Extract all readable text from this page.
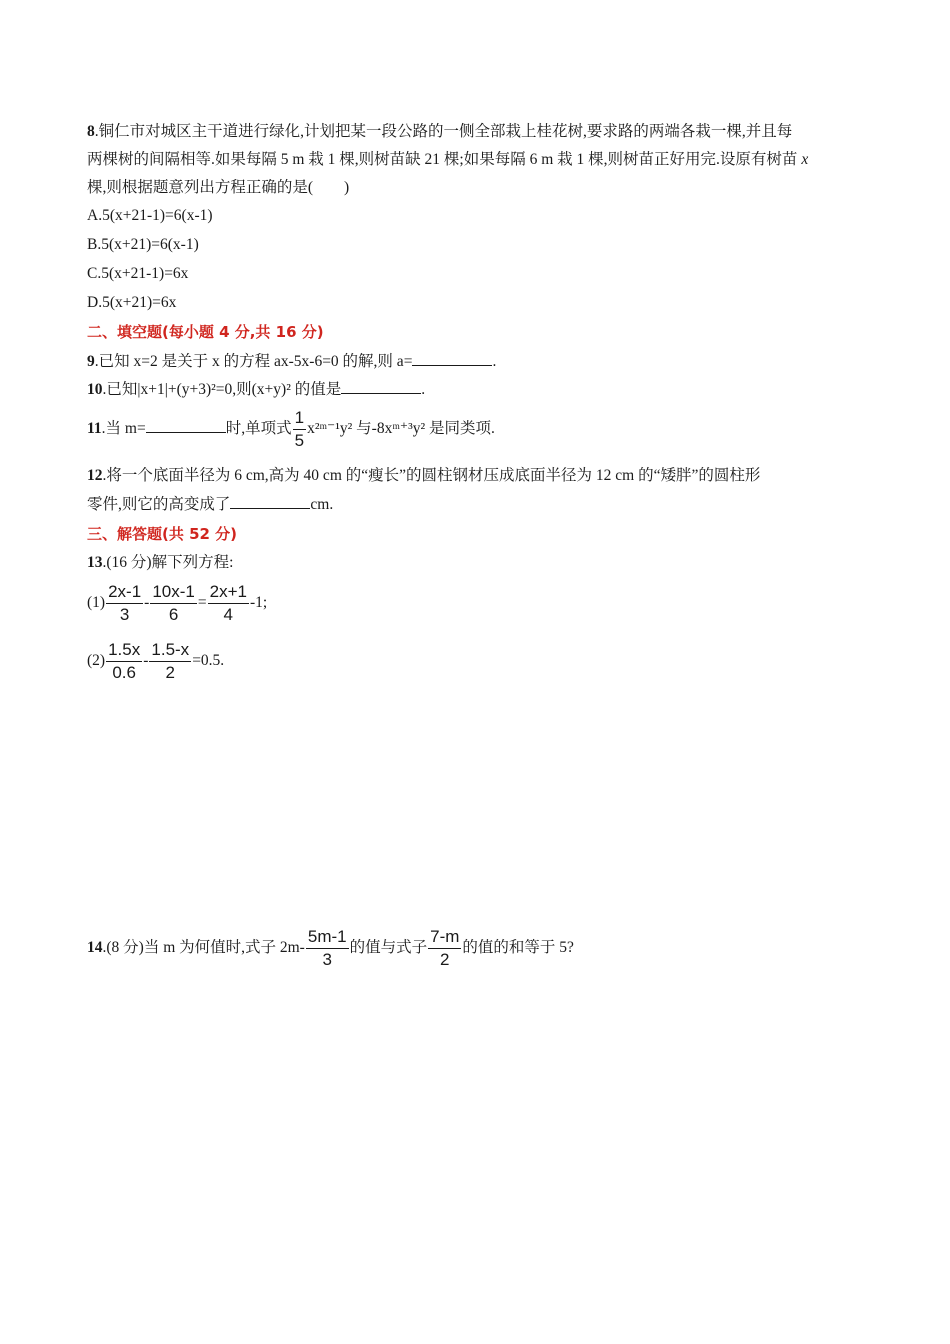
8.铜仁市对城区主干道进行绿化,计划把某一段公路的一侧全部栽上桂花树,要求路的两端各栽一棵,并且每
两棵树的间隔相等.如果每隔 5 m 栽 1 棵,则树苗缺 21 棵;如果每隔 6 m 栽 1 棵,则树苗正好用完.设原有树苗 x
棵,则根据题意列出方程正确的是(　　)
A.5(x+21-1)=6(x-1)
B.5(x+21)=6(x-1)
C.5(x+21-1)=6x
D.5(x+21)=6x
二、填空题(每小题 4 分,共 16 分)
9.已知 x=2 是关于 x 的方程 ax-5x-6=0 的解,则 a=	.
10.已知|x+1|+(y+3)²=0,则(x+y)² 的值是	.
11.当 m=	时,单项式 $\frac{1}{5}$ x²ᵐ⁻¹y² 与-8xᵐ⁺³y² 是同类项.
12.将一个底面半径为 6 cm,高为 40 cm 的“瘦长”的圆柱钢材压成底面半径为 12 cm 的“矮胖”的圆柱形
零件,则它的高变成了	cm.
三、解答题(共 52 分)
13.(16 分)解下列方程:
$(1) \frac{2x-1}{3} - \frac{10x-1}{6} = \frac{2x+1}{4} -1$;
$(2) \frac{1.5x}{0.6} - \frac{1.5-x}{2} =0.5$.
14.(8 分)当 m 为何值时,式子 $2m- \frac{5m-1}{3}$ 的值与式子 $\frac{7-m}{2}$ 的值的和等于 5?
